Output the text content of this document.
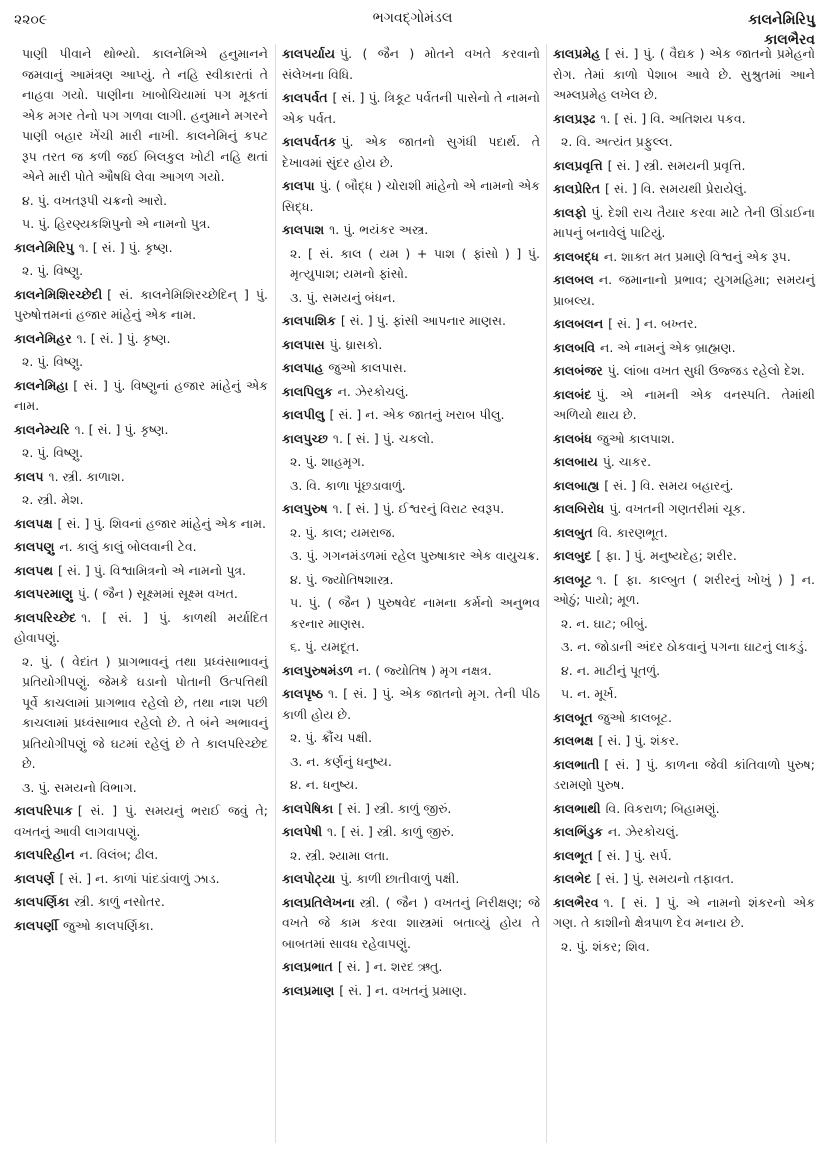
૨૨૦૯	ભગવદ્ગોમંડલ	કાલનેમિરિપુ
કાલભૈરવ
પાણી પીવાને થોભ્યો. કાલનેમિએ હનુમાનને જમવાનું આમંત્રણ આપ્યું. તે નહિ સ્વીકારતાં તે નાહવા ગયો. પાણીના ખાબોચિયામાં પગ મૂકતાં એક મગર તેનો પગ ગળવા લાગી. હનુમાને મગરને પાણી બહાર ખેંચી મારી નાખી. કાલનેમિનું કપટ રૂપ તરત જ કળી જઈ બિલકુલ ખોટી નહિ થતાં એને મારી પોતે ઔષધિ લેવા આગળ ગયો.
૪. પું. વખતરૂપી ચક્રનો આરો.
૫. પું. હિરણ્યકશિપુનો એ નામનો પુત્ર.
કાલનેમિરિપુ ૧. [ સં. ] પું. કૃષ્ણ.
૨. પું. વિષ્ણુ.
કાલનેમિશિરચ્છેદી [ સં. કાલનેમિશિરચ્છેદિન્ ] પું. પુરુષોત્તમનાં હજાર માંહેનું એક નામ.
કાલનેમિહર ૧. [ સં. ] પું. કૃષ્ણ.
૨. પું. વિષ્ણુ.
કાલનેમિહા [ સં. ] પું. વિષ્ણુનાં હજાર માંહેનું એક નામ.
કાલનેમ્યરિ ૧. [ સં. ] પું. કૃષ્ણ.
૨. પું. વિષ્ણુ.
કાલપ ૧. સ્ત્રી. કાળાશ.
૨. સ્ત્રી. મેશ.
કાલપક્ષ [ સં. ] પું. શિવનાં હજાર માંહેનું એક નામ.
કાલપણુ ન. કાલું કાલું બોલવાની ટેવ.
કાલપથ [ સં. ] પું. વિશ્વામિત્રનો એ નામનો પુત્ર.
કાલપરમાણુ પું. ( જૈન ) સૂક્ષ્મમાં સૂક્ષ્મ વખત.
કાલપરિચ્છેદ ૧. [ સં. ] પું. કાળથી મર્યાદિત હોવાપણું.
૨. પું. ( વેદાંત ) પ્રાગભાવનું તથા પ્રધ્વંસાભાવનું પ્રતિયોગીપણું. જેમકે ઘડાનો પોતાની ઉત્પત્તિથી પૂર્વે કાચલામાં પ્રાગભાવ રહેલો છે, તથા નાશ પછી કાચલામાં પ્રધ્વંસાભાવ રહેલો છે. તે બંને અભાવનું પ્રતિયોગીપણું જે ઘટમાં રહેલું છે તે કાલપરિચ્છેદ છે.
૩. પું. સમયનો વિભાગ.
કાલપરિપાક [ સં. ] પું. સમયનું ભરાઈ જવું તે; વખતનું આવી લાગવાપણું.
કાલપરિહીન ન. વિલંબ; ઢીલ.
કાલપર્ણ [ સં. ] ન. કાળાં પાંદડાંવાળું ઝાડ.
કાલપર્ણિકા સ્ત્રી. કાળું નસોતર.
કાલપર્ણી જુઓ કાલપર્ણિકા.
કાલપર્યાય પું. ( જૈન ) મોતને વખતે કરવાનો સંલેખના વિધિ.
કાલપર્વત [ સં. ] પું. ત્રિકૂટ પર્વતની પાસેનો તે નામનો એક પર્વત.
કાલપર્વતક પું. એક જાતનો સુગંધી પદાર્થ. તે દેખાવમાં સુંદર હોય છે.
કાલપા પું. ( બૌદ્ધ ) ચોરાશી માંહેનો એ નામનો એક સિદ્ધ.
કાલપાશ ૧. પું. ભયંકર અસ્ત્ર.
૨. [ સં. કાલ ( યમ ) + પાશ ( ફાંસો ) ] પું. મૃત્યુપાશ; યમનો ફાંસો.
૩. પું. સમયનું બંધન.
કાલપાશિક [ સં. ] પું. ફાંસી આપનાર માણસ.
કાલપાસ પું. ધ્રાસકો.
કાલપાહ જુઓ કાલપાસ.
કાલપિલુક ન. ઝેરકોચલું.
કાલપીલુ [ સં. ] ન. એક જાતનું ખરાબ પીલુ.
કાલપુચ્છ ૧. [ સં. ] પું. ચકલો.
૨. પું. શાહમૃગ.
૩. વિ. કાળા પૂંછડાવાળું.
કાલપુરુષ ૧. [ સં. ] પું. ઈશ્વરનું વિરાટ સ્વરૂપ.
૨. પું. કાલ; યમરાજ.
૩. પું. ગગનમંડળમાં રહેલ પુરુષાકાર એક વાયુચક્ર.
૪. પું. જ્યોતિષશાસ્ત્ર.
૫. પું. ( જૈન ) પુરુષવેદ નામના કર્મનો અનુભવ કરનાર માણસ.
૬. પું. યમદૂત.
કાલપુરુષમંડળ ન. ( જ્યોતિષ ) મૃગ નક્ષત્ર.
કાલપૃષ્ઠ ૧. [ સં. ] પું. એક જાતનો મૃગ. તેની પીઠ કાળી હોય છે.
૨. પું. ક્રૌંચ પક્ષી.
૩. ન. કર્ણનું ધનુષ્ય.
૪. ન. ધનુષ્ય.
કાલપેષિકા [ સં. ] સ્ત્રી. કાળું જીરું.
કાલપેષી ૧. [ સં. ] સ્ત્રી. કાળું જીરું.
૨. સ્ત્રી. શ્યામા લતા.
કાલપોટ્યા પું. કાળી છાતીવાળું પક્ષી.
કાલપ્રતિલેખના સ્ત્રી. ( જૈન ) વખતનું નિરીક્ષણ; જે વખતે જે કામ કરવા શાસ્ત્રમાં બતાવ્યું હોય તે બાબતમાં સાવધ રહેવાપણું.
કાલપ્રભાત [ સં. ] ન. શરદ ઋતુ.
કાલપ્રમાણ [ સં. ] ન. વખતનું પ્રમાણ.
કાલપ્રમેહ [ સં. ] પું. ( વૈદ્યક ) એક જાતનો પ્રમેહનો રોગ. તેમાં કાળો પેશાબ આવે છે. સુશ્રુતમાં આને અમ્લપ્રમેહ લખેલ છે.
કાલપ્રરૂઢ ૧. [ સં. ] વિ. અતિશય પકવ.
૨. વિ. અત્યંત પ્રફુલ્લ.
કાલપ્રવૃત્તિ [ સં. ] સ્ત્રી. સમયની પ્રવૃત્તિ.
કાલપ્રેરિત [ સં. ] વિ. સમયથી પ્રેરાયેલું.
કાલફો પું. દેશી રાચ તૈયાર કરવા માટે તેની ઊંડાઈના માપનું બનાવેલું પાટિયું.
કાલબદ્ધ ન. શાક્ત મત પ્રમાણે વિશ્વનું એક રૂપ.
કાલબલ ન. જમાનાનો પ્રભાવ; યુગમહિમા; સમયનું પ્રાબલ્ય.
કાલબલન [ સં. ] ન. બખ્તર.
કાલબવિ ન. એ નામનું એક બ્રાહ્મણ.
કાલબંજર પું. લાંબા વખત સુધી ઉજ્જડ રહેલો દેશ.
કાલબંદ પું. એ નામની એક વનસ્પતિ. તેમાંથી અળિયો થાય છે.
કાલબંધ જુઓ કાલપાશ.
કાલબાય પું. ચાકર.
કાલબાહ્ય [ સં. ] વિ. સમય બહારનું.
કાલબિરોધ પું. વખતની ગણતરીમાં ચૂક.
કાલબુત વિ. કારણભૂત.
કાલબુદ [ ફા. ] પું. મનુષ્યદેહ; શરીર.
કાલબૂટ ૧. [ ફા. કાલ્બુત ( શરીરનું ખોખું ) ] ન. ઓઠું; પાયો; મૂળ.
૨. ન. ઘાટ; બીબું.
૩. ન. જોડાની અંદર ઠોકવાનું પગના ઘાટનું લાકડું.
૪. ન. માટીનું પૂતળું.
૫. ન. મૂર્ખ.
કાલબૂત જુઓ કાલબૂટ.
કાલભક્ષ [ સં. ] પું. શંકર.
કાલભાતી [ સં. ] પું. કાળના જેવી કાંતિવાળો પુરુષ; ડરામણો પુરુષ.
કાલભાથી વિ. વિકરાળ; બિહામણું.
કાલભિંડુક ન. ઝેરકોચલું.
કાલભૂત [ સં. ] પું. સર્પ.
કાલભેદ [ સં. ] પું. સમયનો તફાવત.
કાલભૈરવ ૧. [ સં. ] પું. એ નામનો શંકરનો એક ગણ. તે કાશીનો ક્ષેત્રપાળ દેવ મનાય છે.
૨. પું. શંકર; શિવ.
